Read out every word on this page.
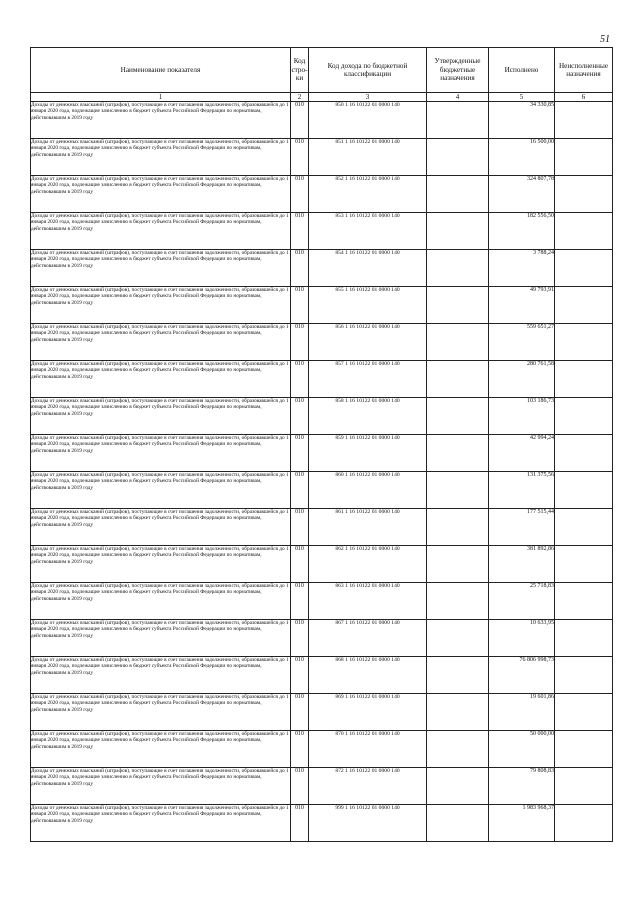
51
Наименование показателя	Код стро- ки	Код дохода по бюджетной классификации	Утвержденные бюджетные назначения	Исполнено	Неисполненные назначения
1	2	3	4	5	6
Доходы от денежных взысканий (штрафов), поступающие в счет погашения задолженности, образовавшейся до 1 января 2020 года, подлежащие зачислению в бюджет субъекта Российской Федерации по нормативам, действовавшим в 2019 году	010	850 1 16 10122 01 0000 140		34 330,85	
Доходы от денежных взысканий (штрафов), поступающие в счет погашения задолженности, образовавшейся до 1 января 2020 года, подлежащие зачислению в бюджет субъекта Российской Федерации по нормативам, действовавшим в 2019 году	010	851 1 16 10122 01 0000 140		16 500,00	
Доходы от денежных взысканий (штрафов), поступающие в счет погашения задолженности, образовавшейся до 1 января 2020 года, подлежащие зачислению в бюджет субъекта Российской Федерации по нормативам, действовавшим в 2019 году	010	852 1 16 10122 01 0000 140		324 807,78	
Доходы от денежных взысканий (штрафов), поступающие в счет погашения задолженности, образовавшейся до 1 января 2020 года, подлежащие зачислению в бюджет субъекта Российской Федерации по нормативам, действовавшим в 2019 году	010	853 1 16 10122 01 0000 140		182 556,50	
Доходы от денежных взысканий (штрафов), поступающие в счет погашения задолженности, образовавшейся до 1 января 2020 года, подлежащие зачислению в бюджет субъекта Российской Федерации по нормативам, действовавшим в 2019 году	010	854 1 16 10122 01 0000 140		3 788,24	
Доходы от денежных взысканий (штрафов), поступающие в счет погашения задолженности, образовавшейся до 1 января 2020 года, подлежащие зачислению в бюджет субъекта Российской Федерации по нормативам, действовавшим в 2019 году	010	855 1 16 10122 01 0000 140		49 793,91	
Доходы от денежных взысканий (штрафов), поступающие в счет погашения задолженности, образовавшейся до 1 января 2020 года, подлежащие зачислению в бюджет субъекта Российской Федерации по нормативам, действовавшим в 2019 году	010	856 1 16 10122 01 0000 140		559 651,27	
Доходы от денежных взысканий (штрафов), поступающие в счет погашения задолженности, образовавшейся до 1 января 2020 года, подлежащие зачислению в бюджет субъекта Российской Федерации по нормативам, действовавшим в 2019 году	010	857 1 16 10122 01 0000 140		280 761,58	
Доходы от денежных взысканий (штрафов), поступающие в счет погашения задолженности, образовавшейся до 1 января 2020 года, подлежащие зачислению в бюджет субъекта Российской Федерации по нормативам, действовавшим в 2019 году	010	858 1 16 10122 01 0000 140		103 186,73	
Доходы от денежных взысканий (штрафов), поступающие в счет погашения задолженности, образовавшейся до 1 января 2020 года, подлежащие зачислению в бюджет субъекта Российской Федерации по нормативам, действовавшим в 2019 году	010	859 1 16 10122 01 0000 140		42 994,24	
Доходы от денежных взысканий (штрафов), поступающие в счет погашения задолженности, образовавшейся до 1 января 2020 года, подлежащие зачислению в бюджет субъекта Российской Федерации по нормативам, действовавшим в 2019 году	010	860 1 16 10122 01 0000 140		131 375,56	
Доходы от денежных взысканий (штрафов), поступающие в счет погашения задолженности, образовавшейся до 1 января 2020 года, подлежащие зачислению в бюджет субъекта Российской Федерации по нормативам, действовавшим в 2019 году	010	861 1 16 10122 01 0000 140		177 515,44	
Доходы от денежных взысканий (штрафов), поступающие в счет погашения задолженности, образовавшейся до 1 января 2020 года, подлежащие зачислению в бюджет субъекта Российской Федерации по нормативам, действовавшим в 2019 году	010	862 1 16 10122 01 0000 140		381 892,86	
Доходы от денежных взысканий (штрафов), поступающие в счет погашения задолженности, образовавшейся до 1 января 2020 года, подлежащие зачислению в бюджет субъекта Российской Федерации по нормативам, действовавшим в 2019 году	010	863 1 16 10122 01 0000 140		25 718,83	
Доходы от денежных взысканий (штрафов), поступающие в счет погашения задолженности, образовавшейся до 1 января 2020 года, подлежащие зачислению в бюджет субъекта Российской Федерации по нормативам, действовавшим в 2019 году	010	867 1 16 10122 01 0000 140		10 633,95	
Доходы от денежных взысканий (штрафов), поступающие в счет погашения задолженности, образовавшейся до 1 января 2020 года, подлежащие зачислению в бюджет субъекта Российской Федерации по нормативам, действовавшим в 2019 году	010	868 1 16 10122 01 0000 140		76 806 998,73	
Доходы от денежных взысканий (штрафов), поступающие в счет погашения задолженности, образовавшейся до 1 января 2020 года, подлежащие зачислению в бюджет субъекта Российской Федерации по нормативам, действовавшим в 2019 году	010	869 1 16 10122 01 0000 140		19 601,86	
Доходы от денежных взысканий (штрафов), поступающие в счет погашения задолженности, образовавшейся до 1 января 2020 года, подлежащие зачислению в бюджет субъекта Российской Федерации по нормативам, действовавшим в 2019 году	010	870 1 16 10122 01 0000 140		50 000,00	
Доходы от денежных взысканий (штрафов), поступающие в счет погашения задолженности, образовавшейся до 1 января 2020 года, подлежащие зачислению в бюджет субъекта Российской Федерации по нормативам, действовавшим в 2019 году	010	872 1 16 10122 01 0000 140		79 808,83	
Доходы от денежных взысканий (штрафов), поступающие в счет погашения задолженности, образовавшейся до 1 января 2020 года, подлежащие зачислению в бюджет субъекта Российской Федерации по нормативам, действовавшим в 2019 году	010	999 1 16 10122 01 0000 140		1 983 968,37	
